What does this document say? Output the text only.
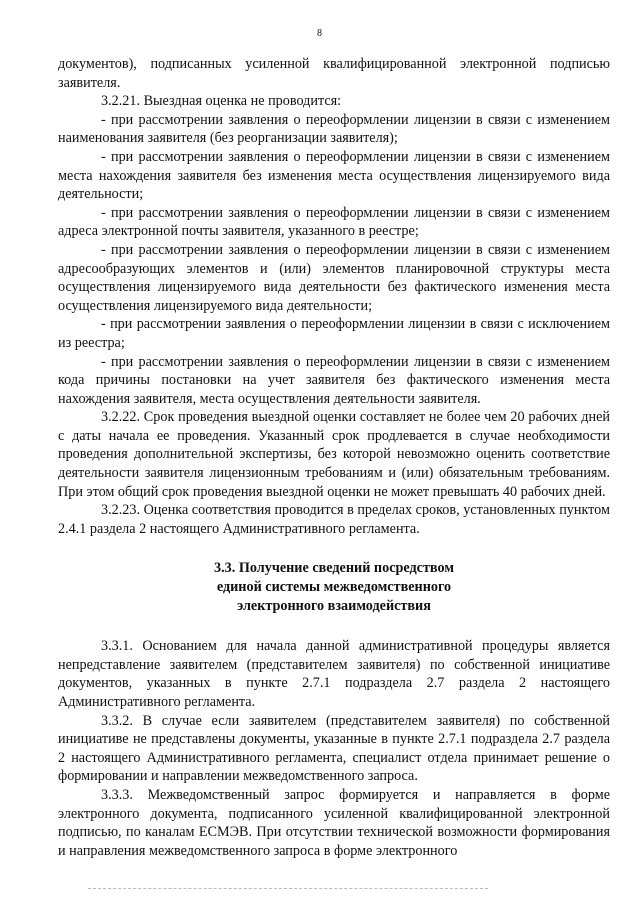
8

документов), подписанных усиленной квалифицированной электронной подписью заявителя.

3.2.21. Выездная оценка не проводится:

- при рассмотрении заявления о переоформлении лицензии в связи с изменением наименования заявителя (без реорганизации заявителя);

- при рассмотрении заявления о переоформлении лицензии в связи с изменением места нахождения заявителя без изменения места осуществления лицензируемого вида деятельности;

- при рассмотрении заявления о переоформлении лицензии в связи с изменением адреса электронной почты заявителя, указанного в реестре;

- при рассмотрении заявления о переоформлении лицензии в связи с изменением адресообразующих элементов и (или) элементов планировочной структуры места осуществления лицензируемого вида деятельности без фактического изменения места осуществления лицензируемого вида деятельности;

- при рассмотрении заявления о переоформлении лицензии в связи с исключением из реестра;

- при рассмотрении заявления о переоформлении лицензии в связи с изменением кода причины постановки на учет заявителя без фактического изменения места нахождения заявителя, места осуществления деятельности заявителя.

3.2.22. Срок проведения выездной оценки составляет не более чем 20 рабочих дней с даты начала ее проведения. Указанный срок продлевается в случае необходимости проведения дополнительной экспертизы, без которой невозможно оценить соответствие деятельности заявителя лицензионным требованиям и (или) обязательным требованиям. При этом общий срок проведения выездной оценки не может превышать 40 рабочих дней.

3.2.23. Оценка соответствия проводится в пределах сроков, установленных пунктом 2.4.1 раздела 2 настоящего Административного регламента.

3.3. Получение сведений посредством
единой системы межведомственного
электронного взаимодействия

3.3.1. Основанием для начала данной административной процедуры является непредставление заявителем (представителем заявителя) по собственной инициативе документов, указанных в пункте 2.7.1 подраздела 2.7 раздела 2 настоящего Административного регламента.

3.3.2. В случае если заявителем (представителем заявителя) по собственной инициативе не представлены документы, указанные в пункте 2.7.1 подраздела 2.7 раздела 2 настоящего Административного регламента, специалист отдела принимает решение о формировании и направлении межведомственного запроса.

3.3.3. Межведомственный запрос формируется и направляется в форме электронного документа, подписанного усиленной квалифицированной электронной подписью, по каналам ЕСМЭВ. При отсутствии технической возможности формирования и направления межведомственного запроса в форме электронного
